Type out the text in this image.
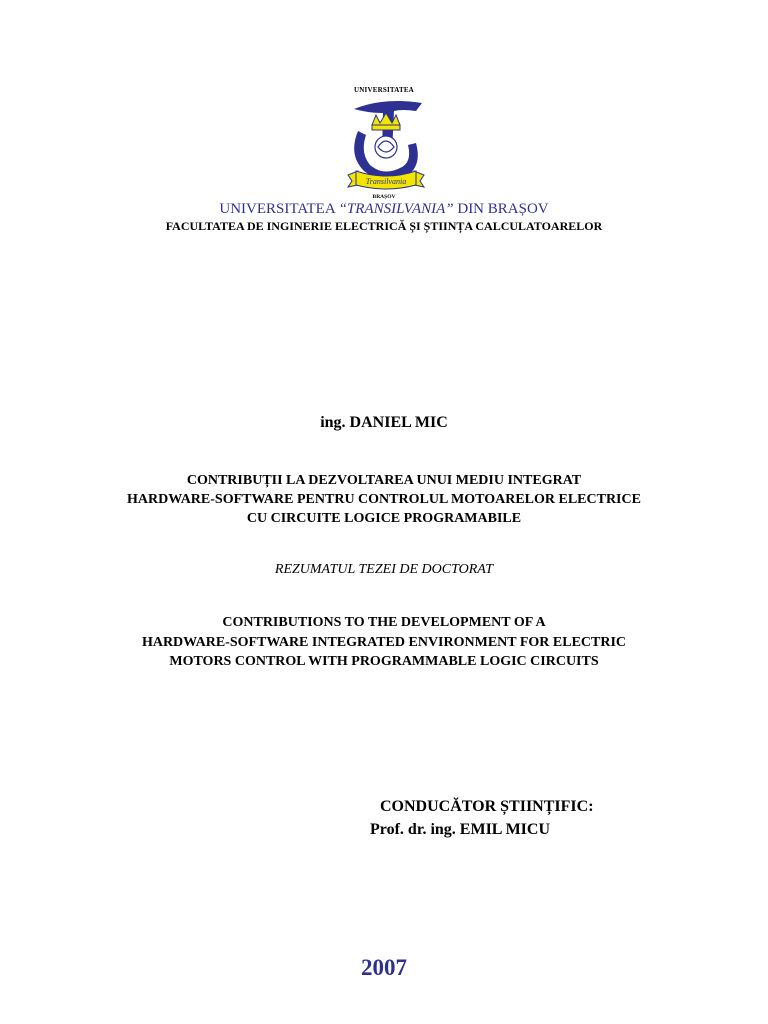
UNIVERSITATEA
Transilvania
BRAȘOV
UNIVERSITATEA “TRANSILVANIA” DIN BRAȘOV
FACULTATEA DE INGINERIE ELECTRICĂ ȘI ȘTIINȚA CALCULATOARELOR
ing. DANIEL MIC
CONTRIBUȚII LA DEZVOLTAREA UNUI MEDIU INTEGRAT
HARDWARE-SOFTWARE PENTRU CONTROLUL MOTOARELOR ELECTRICE
CU CIRCUITE LOGICE PROGRAMABILE
REZUMATUL TEZEI DE DOCTORAT
CONTRIBUTIONS TO THE DEVELOPMENT OF A
HARDWARE-SOFTWARE INTEGRATED ENVIRONMENT FOR ELECTRIC
MOTORS CONTROL WITH PROGRAMMABLE LOGIC CIRCUITS
CONDUCĂTOR ȘTIINȚIFIC:
Prof. dr. ing. EMIL MICU
2007
